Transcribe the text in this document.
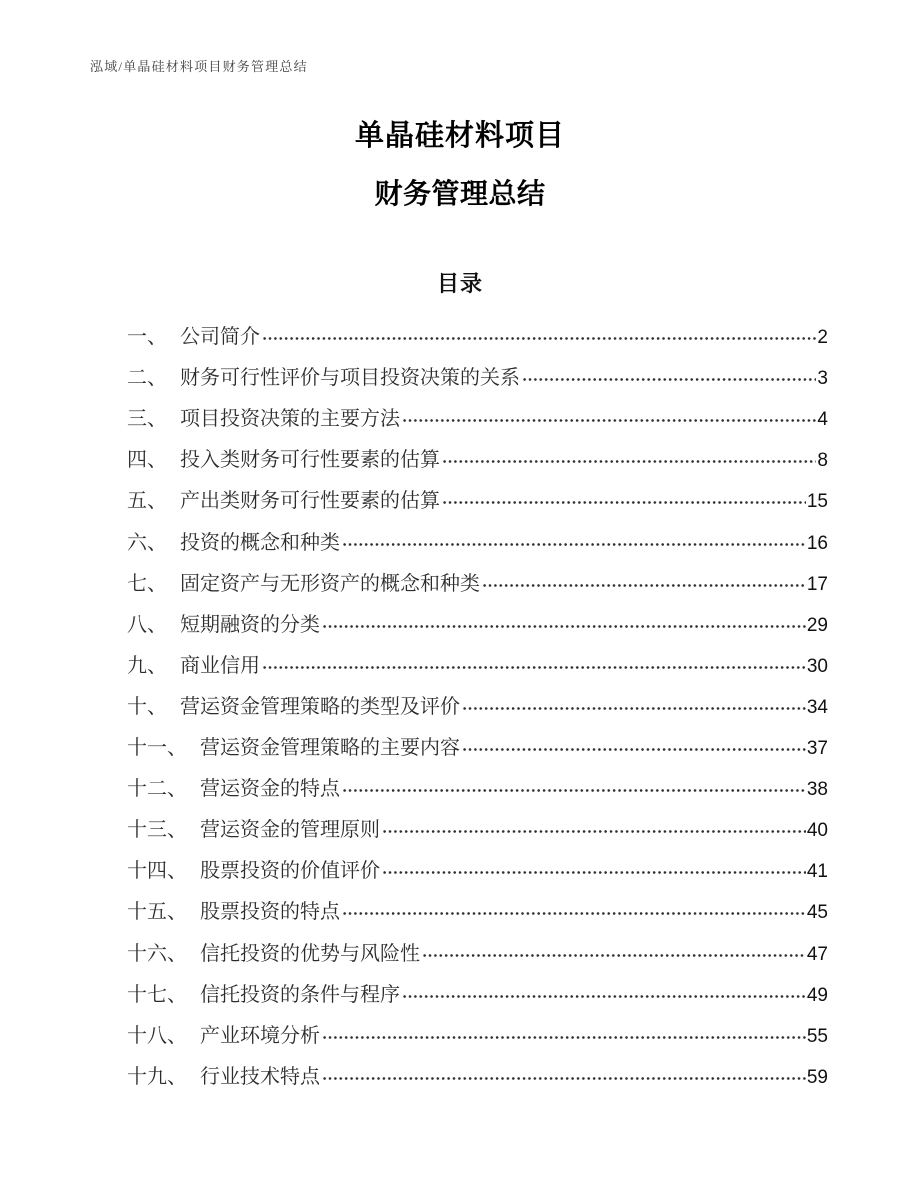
泓域/单晶硅材料项目财务管理总结
单晶硅材料项目
财务管理总结
目录
一、 公司简介	2
二、 财务可行性评价与项目投资决策的关系	3
三、 项目投资决策的主要方法	4
四、 投入类财务可行性要素的估算	8
五、 产出类财务可行性要素的估算	15
六、 投资的概念和种类	16
七、 固定资产与无形资产的概念和种类	17
八、 短期融资的分类	29
九、 商业信用	30
十、 营运资金管理策略的类型及评价	34
十一、 营运资金管理策略的主要内容	37
十二、 营运资金的特点	38
十三、 营运资金的管理原则	40
十四、 股票投资的价值评价	41
十五、 股票投资的特点	45
十六、 信托投资的优势与风险性	47
十七、 信托投资的条件与程序	49
十八、 产业环境分析	55
十九、 行业技术特点	59
